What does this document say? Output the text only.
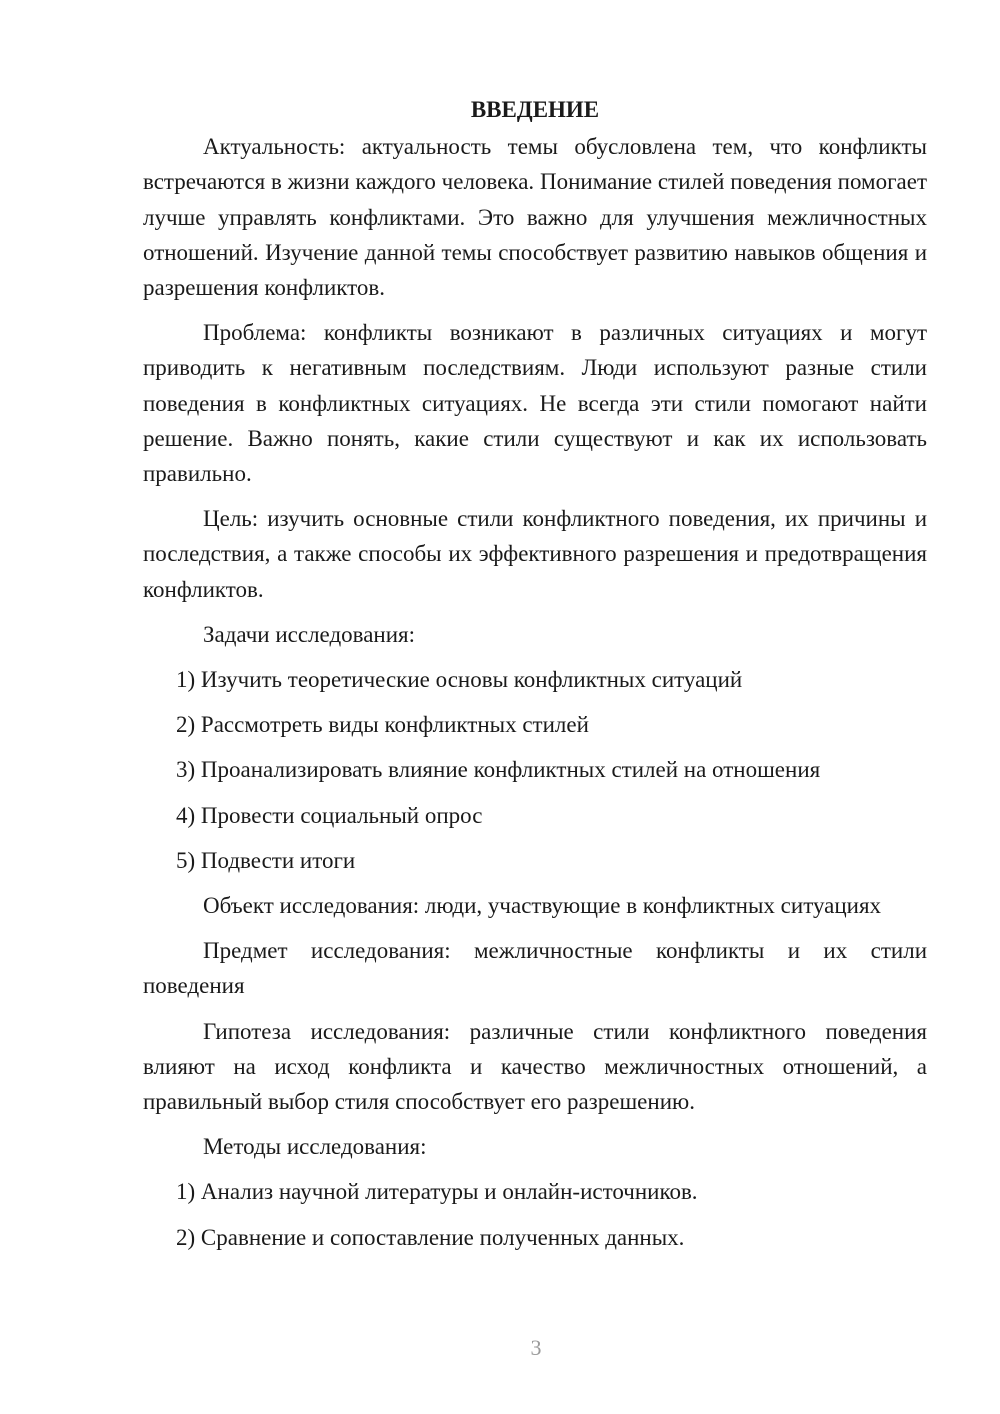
ВВЕДЕНИЕ

Актуальность: актуальность темы обусловлена тем, что конфликты встречаются в жизни каждого человека. Понимание стилей поведения помогает лучше управлять конфликтами. Это важно для улучшения межличностных отношений. Изучение данной темы способствует развитию навыков общения и разрешения конфликтов.

Проблема: конфликты возникают в различных ситуациях и могут приводить к негативным последствиям. Люди используют разные стили поведения в конфликтных ситуациях. Не всегда эти стили помогают найти решение. Важно понять, какие стили существуют и как их использовать правильно.

Цель: изучить основные стили конфликтного поведения, их причины и последствия, а также способы их эффективного разрешения и предотвращения конфликтов.

Задачи исследования:

1) Изучить теоретические основы конфликтных ситуаций
2) Рассмотреть виды конфликтных стилей
3) Проанализировать влияние конфликтных стилей на отношения
4) Провести социальный опрос
5) Подвести итоги

Объект исследования: люди, участвующие в конфликтных ситуациях

Предмет исследования: межличностные конфликты и их стили поведения

Гипотеза исследования: различные стили конфликтного поведения влияют на исход конфликта и качество межличностных отношений, а правильный выбор стиля способствует его разрешению.

Методы исследования:

1) Анализ научной литературы и онлайн-источников.
2) Сравнение и сопоставление полученных данных.
3
